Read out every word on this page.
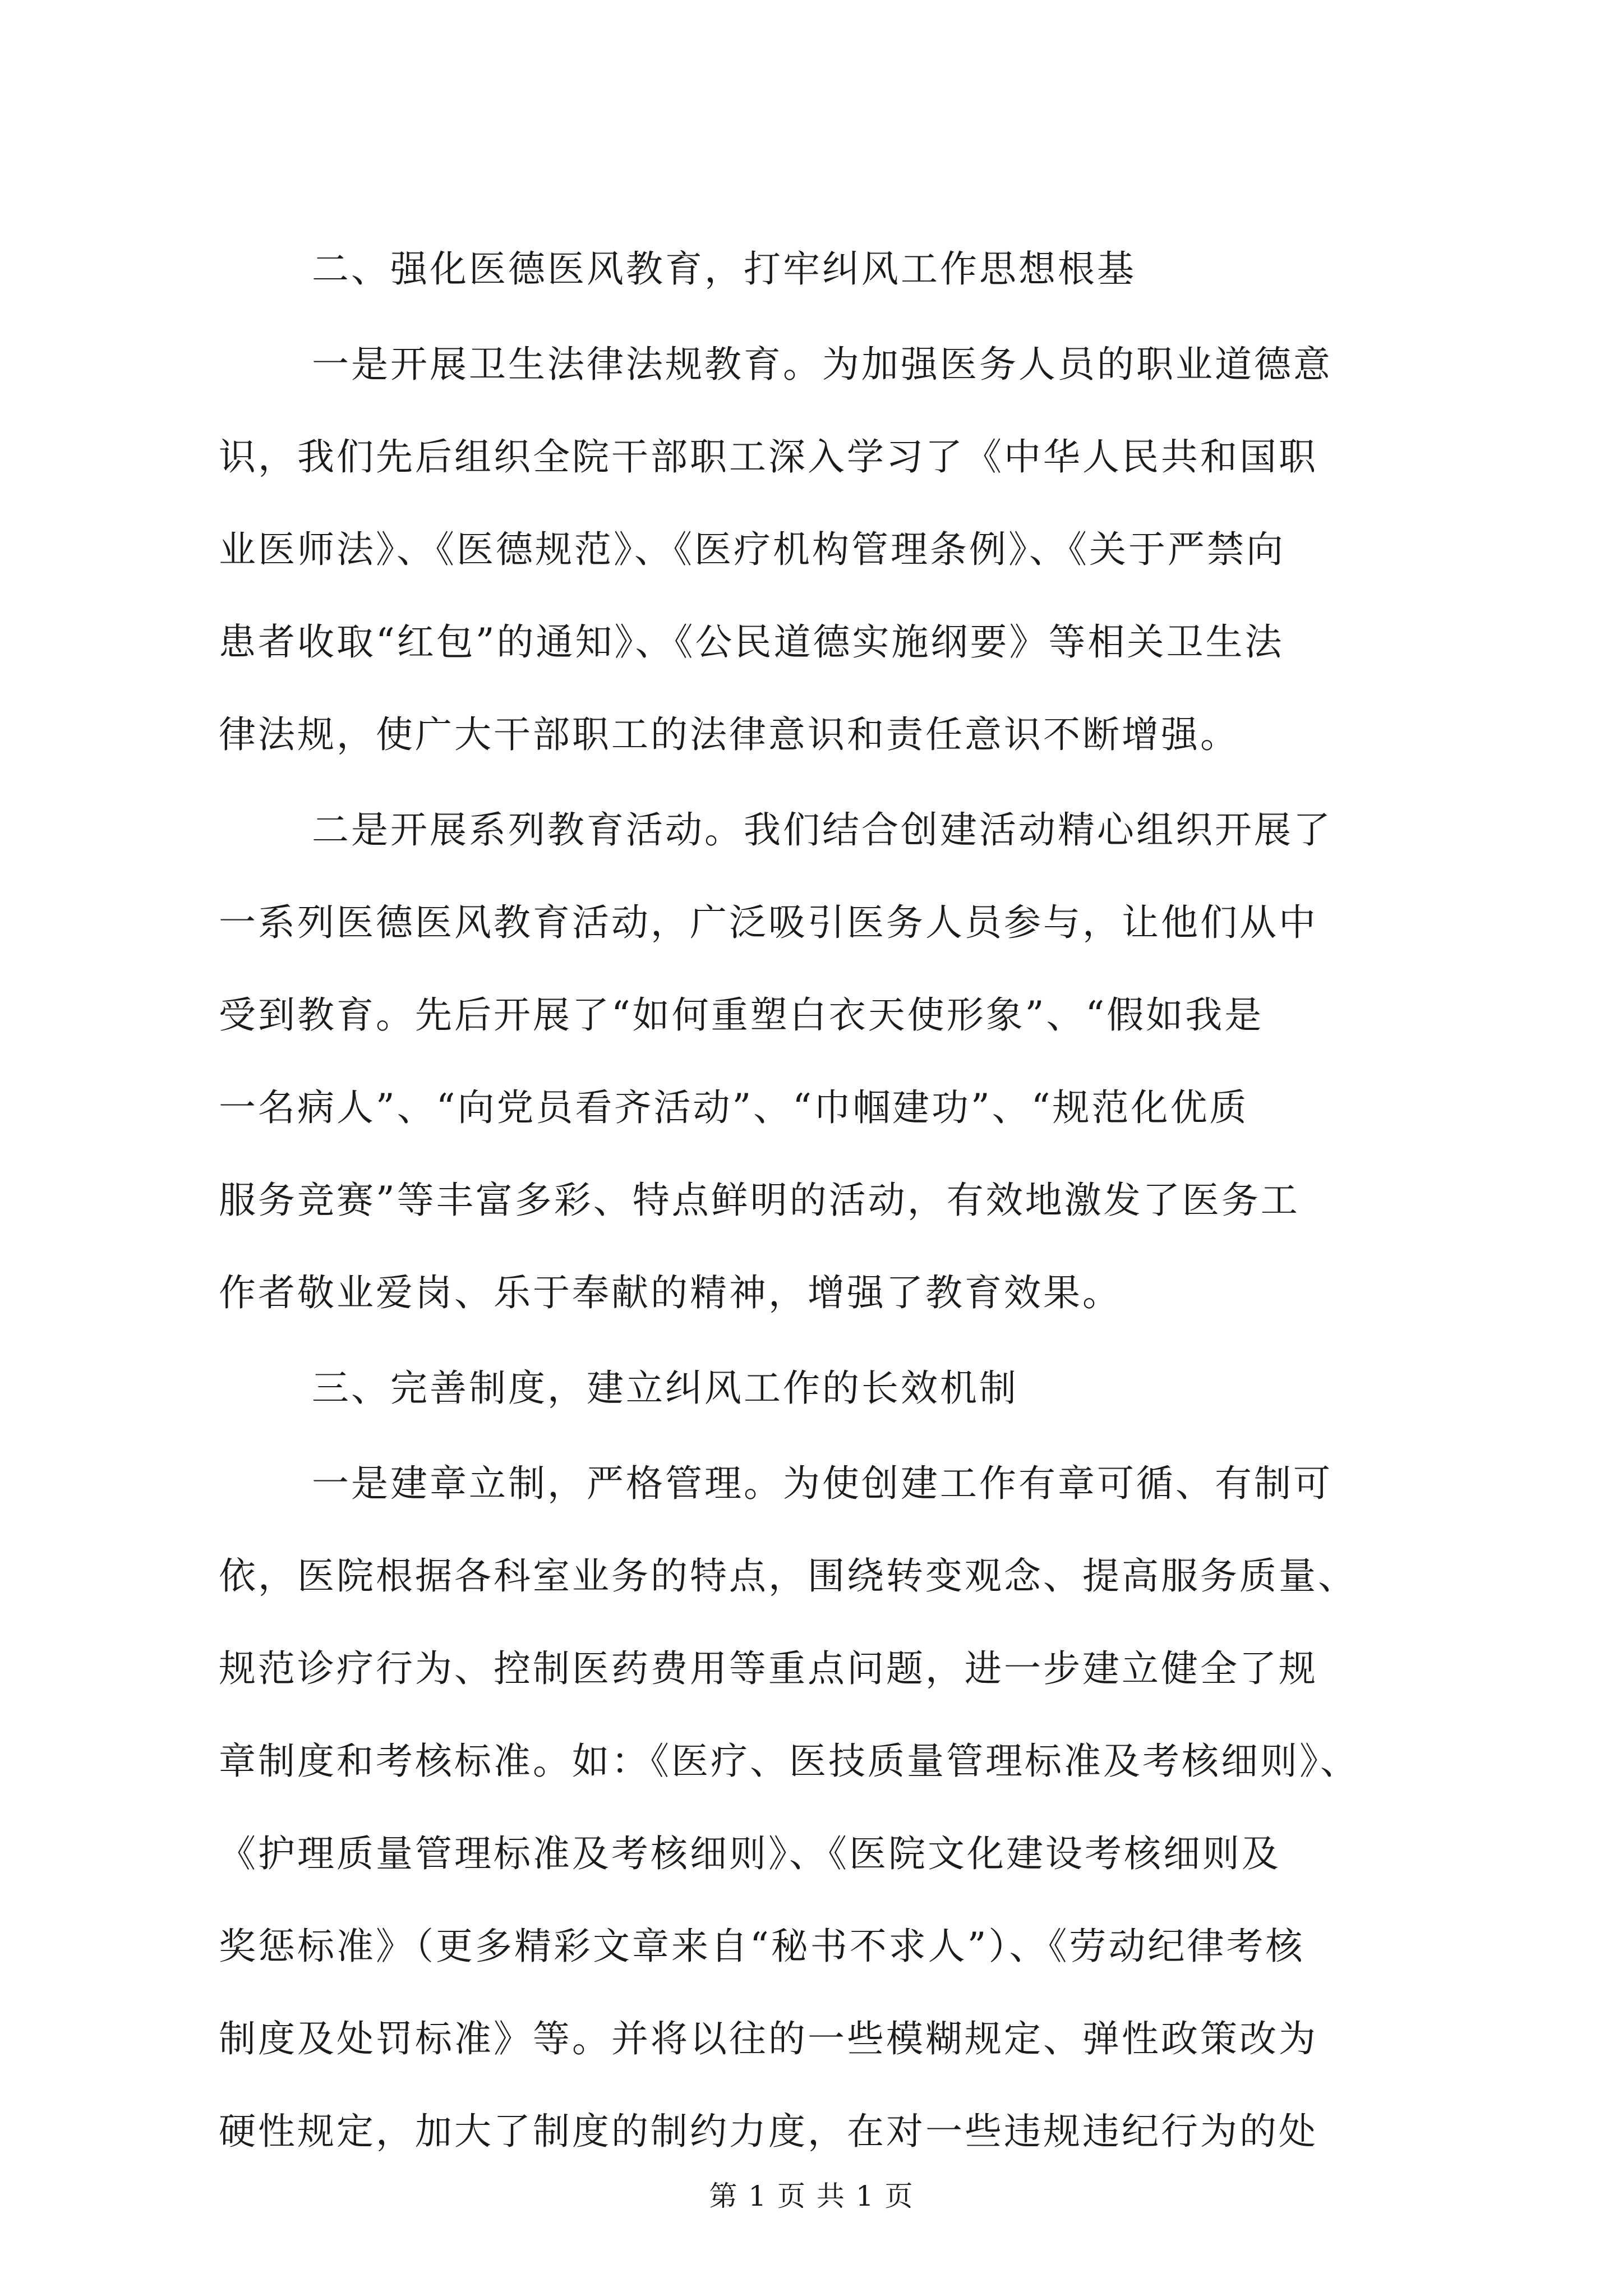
二、强化医德医风教育，打牢纠风工作思想根基
一是开展卫生法律法规教育。为加强医务人员的职业道德意
识，我们先后组织全院干部职工深入学习了《中华人民共和国职
业医师法》、《医德规范》、《医疗机构管理条例》、《关于严禁向
患者收取“红包”的通知》、《公民道德实施纲要》等相关卫生法
律法规，使广大干部职工的法律意识和责任意识不断增强。
二是开展系列教育活动。我们结合创建活动精心组织开展了
一系列医德医风教育活动，广泛吸引医务人员参与，让他们从中
受到教育。先后开展了“如何重塑白衣天使形象”、“假如我是
一名病人”、“向党员看齐活动”、“巾帼建功”、“规范化优质
服务竞赛”等丰富多彩、特点鲜明的活动，有效地激发了医务工
作者敬业爱岗、乐于奉献的精神，增强了教育效果。
三、完善制度，建立纠风工作的长效机制
一是建章立制，严格管理。为使创建工作有章可循、有制可
依，医院根据各科室业务的特点，围绕转变观念、提高服务质量、
规范诊疗行为、控制医药费用等重点问题，进一步建立健全了规
章制度和考核标准。如：《医疗、医技质量管理标准及考核细则》、
《护理质量管理标准及考核细则》、《医院文化建设考核细则及
奖惩标准》（更多精彩文章来自“秘书不求人”）、《劳动纪律考核
制度及处罚标准》等。并将以往的一些模糊规定、弹性政策改为
硬性规定，加大了制度的制约力度，在对一些违规违纪行为的处
第 1 页 共 1 页
